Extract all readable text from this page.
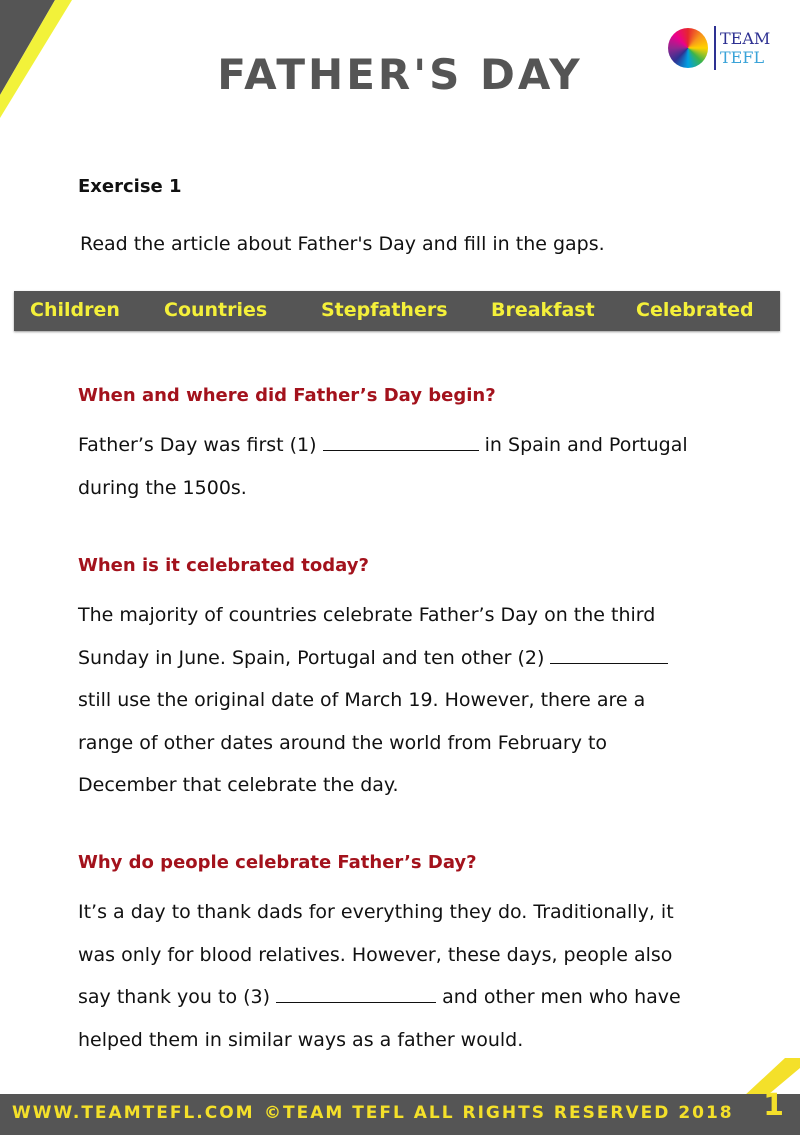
FATHER'S DAY
TEAM
TEFL
Exercise 1
Read the article about Father's Day and fill in the gaps.
Children Countries	Stepfathers Breakfast Celebrated
When and where did Father’s Day begin?

Father’s Day was first (1)	in Spain and Portugal

during the 1500s.

When is it celebrated today?

The majority of countries celebrate Father’s Day on the third

Sunday in June. Spain, Portugal and ten other (2)

still use the original date of March 19. However, there are a

range of other dates around the world from February to

December that celebrate the day.

Why do people celebrate Father’s Day?

It’s a day to thank dads for everything they do. Traditionally, it

was only for blood relatives. However, these days, people also

say thank you to (3)	and other men who have

helped them in similar ways as a father would.

WWW.TEAMTEFL.COM ©TEAM TEFL ALL RIGHTS RESERVED 2018 1
